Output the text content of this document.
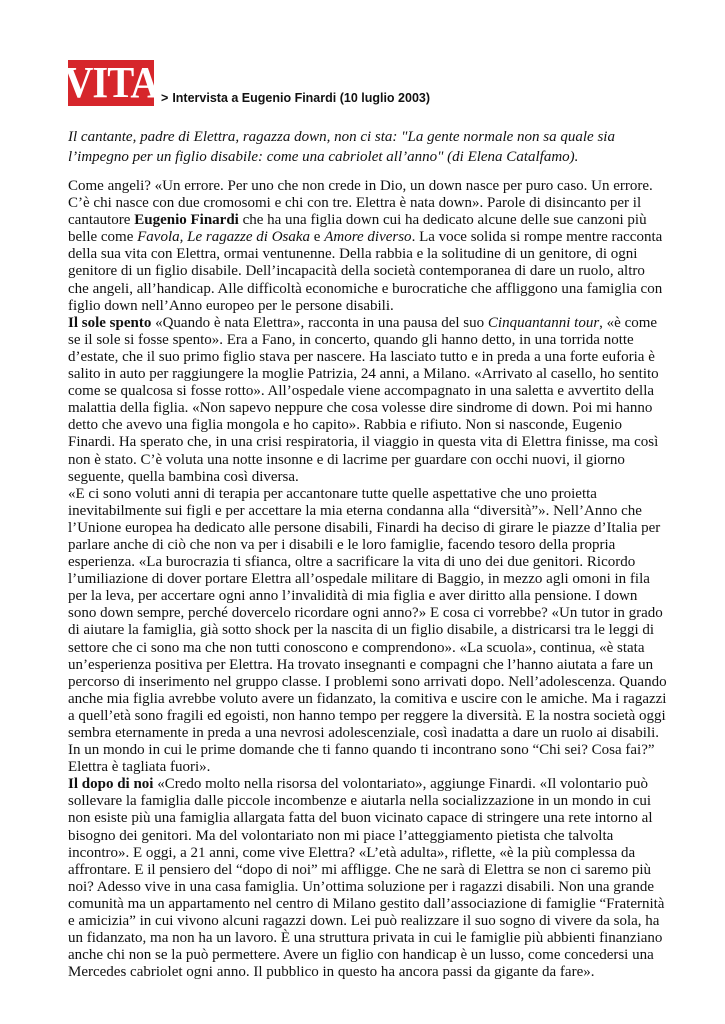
VITA > Intervista a Eugenio Finardi (10 luglio 2003)

Il cantante, padre di Elettra, ragazza down, non ci sta: "La gente normale non sa quale sia l’impegno per un figlio disabile: come una cabriolet all’anno" (di Elena Catalfamo).

Come angeli? «Un errore. Per uno che non crede in Dio, un down nasce per puro caso. Un errore. C’è chi nasce con due cromosomi e chi con tre. Elettra è nata down». Parole di disincanto per il cantautore Eugenio Finardi che ha una figlia down cui ha dedicato alcune delle sue canzoni più belle come Favola, Le ragazze di Osaka e Amore diverso. La voce solida si rompe mentre racconta della sua vita con Elettra, ormai ventunenne. Della rabbia e la solitudine di un genitore, di ogni genitore di un figlio disabile. Dell’incapacità della società contemporanea di dare un ruolo, altro che angeli, all’handicap. Alle difficoltà economiche e burocratiche che affliggono una famiglia con figlio down nell’Anno europeo per le persone disabili.

Il sole spento «Quando è nata Elettra», racconta in una pausa del suo Cinquantanni tour, «è come se il sole si fosse spento». Era a Fano, in concerto, quando gli hanno detto, in una torrida notte d’estate, che il suo primo figlio stava per nascere. Ha lasciato tutto e in preda a una forte euforia è salito in auto per raggiungere la moglie Patrizia, 24 anni, a Milano. «Arrivato al casello, ho sentito come se qualcosa si fosse rotto». All’ospedale viene accompagnato in una saletta e avvertito della malattia della figlia. «Non sapevo neppure che cosa volesse dire sindrome di down. Poi mi hanno detto che avevo una figlia mongola e ho capito». Rabbia e rifiuto. Non si nasconde, Eugenio Finardi. Ha sperato che, in una crisi respiratoria, il viaggio in questa vita di Elettra finisse, ma così non è stato. C’è voluta una notte insonne e di lacrime per guardare con occhi nuovi, il giorno seguente, quella bambina così diversa.

«E ci sono voluti anni di terapia per accantonare tutte quelle aspettative che uno proietta inevitabilmente sui figli e per accettare la mia eterna condanna alla “diversità”». Nell’Anno che l’Unione europea ha dedicato alle persone disabili, Finardi ha deciso di girare le piazze d’Italia per parlare anche di ciò che non va per i disabili e le loro famiglie, facendo tesoro della propria esperienza. «La burocrazia ti sfianca, oltre a sacrificare la vita di uno dei due genitori. Ricordo l’umiliazione di dover portare Elettra all’ospedale militare di Baggio, in mezzo agli omoni in fila per la leva, per accertare ogni anno l’invalidità di mia figlia e aver diritto alla pensione. I down sono down sempre, perché dovercelo ricordare ogni anno?» E cosa ci vorrebbe? «Un tutor in grado di aiutare la famiglia, già sotto shock per la nascita di un figlio disabile, a districarsi tra le leggi di settore che ci sono ma che non tutti conoscono e comprendono». «La scuola», continua, «è stata un’esperienza positiva per Elettra. Ha trovato insegnanti e compagni che l’hanno aiutata a fare un percorso di inserimento nel gruppo classe. I problemi sono arrivati dopo. Nell’adolescenza. Quando anche mia figlia avrebbe voluto avere un fidanzato, la comitiva e uscire con le amiche. Ma i ragazzi a quell’età sono fragili ed egoisti, non hanno tempo per reggere la diversità. E la nostra società oggi sembra eternamente in preda a una nevrosi adolescenziale, così inadatta a dare un ruolo ai disabili. In un mondo in cui le prime domande che ti fanno quando ti incontrano sono “Chi sei? Cosa fai?” Elettra è tagliata fuori».

Il dopo di noi «Credo molto nella risorsa del volontariato», aggiunge Finardi. «Il volontario può sollevare la famiglia dalle piccole incombenze e aiutarla nella socializzazione in un mondo in cui non esiste più una famiglia allargata fatta del buon vicinato capace di stringere una rete intorno al bisogno dei genitori. Ma del volontariato non mi piace l’atteggiamento pietista che talvolta incontro». E oggi, a 21 anni, come vive Elettra? «L’età adulta», riflette, «è la più complessa da affrontare. E il pensiero del “dopo di noi” mi affligge. Che ne sarà di Elettra se non ci saremo più noi? Adesso vive in una casa famiglia. Un’ottima soluzione per i ragazzi disabili. Non una grande comunità ma un appartamento nel centro di Milano gestito dall’associazione di famiglie “Fraternità e amicizia” in cui vivono alcuni ragazzi down. Lei può realizzare il suo sogno di vivere da sola, ha un fidanzato, ma non ha un lavoro. È una struttura privata in cui le famiglie più abbienti finanziano anche chi non se la può permettere. Avere un figlio con handicap è un lusso, come concedersi una Mercedes cabriolet ogni anno. Il pubblico in questo ha ancora passi da gigante da fare».
